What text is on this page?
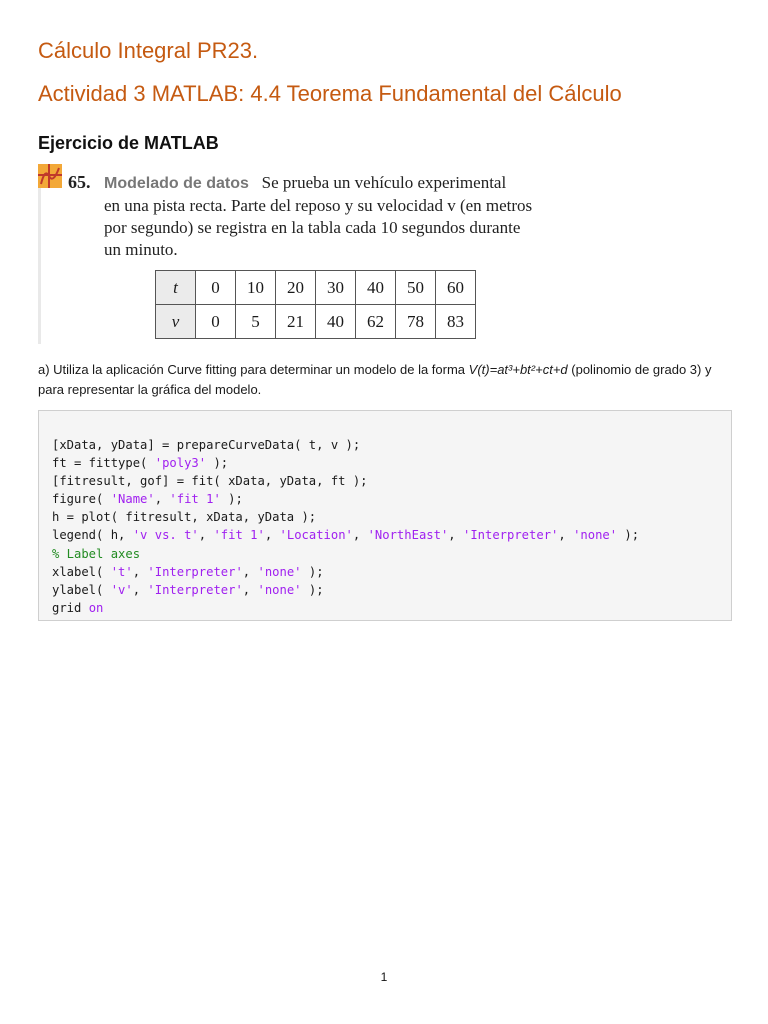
Cálculo Integral PR23.
Actividad 3 MATLAB: 4.4 Teorema Fundamental del Cálculo
Ejercicio de MATLAB
65. Modelado de datos Se prueba un vehículo experimental
en una pista recta. Parte del reposo y su velocidad v (en metros
por segundo) se registra en la tabla cada 10 segundos durante
un minuto.
t	0	10	20	30	40	50	60
v	0	5	21	40	62	78	83
a) Utiliza la aplicación Curve fitting para determinar un modelo de la forma V(t)=at³+bt²+ct+d (polinomio de grado 3) y para representar la gráfica del modelo.
[xData, yData] = prepareCurveData( t, v );
ft = fittype( 'poly3' );
[fitresult, gof] = fit( xData, yData, ft );
figure( 'Name', 'fit 1' );
h = plot( fitresult, xData, yData );
legend( h, 'v vs. t', 'fit 1', 'Location', 'NorthEast', 'Interpreter', 'none' );
% Label axes
xlabel( 't', 'Interpreter', 'none' );
ylabel( 'v', 'Interpreter', 'none' );
grid on
1
